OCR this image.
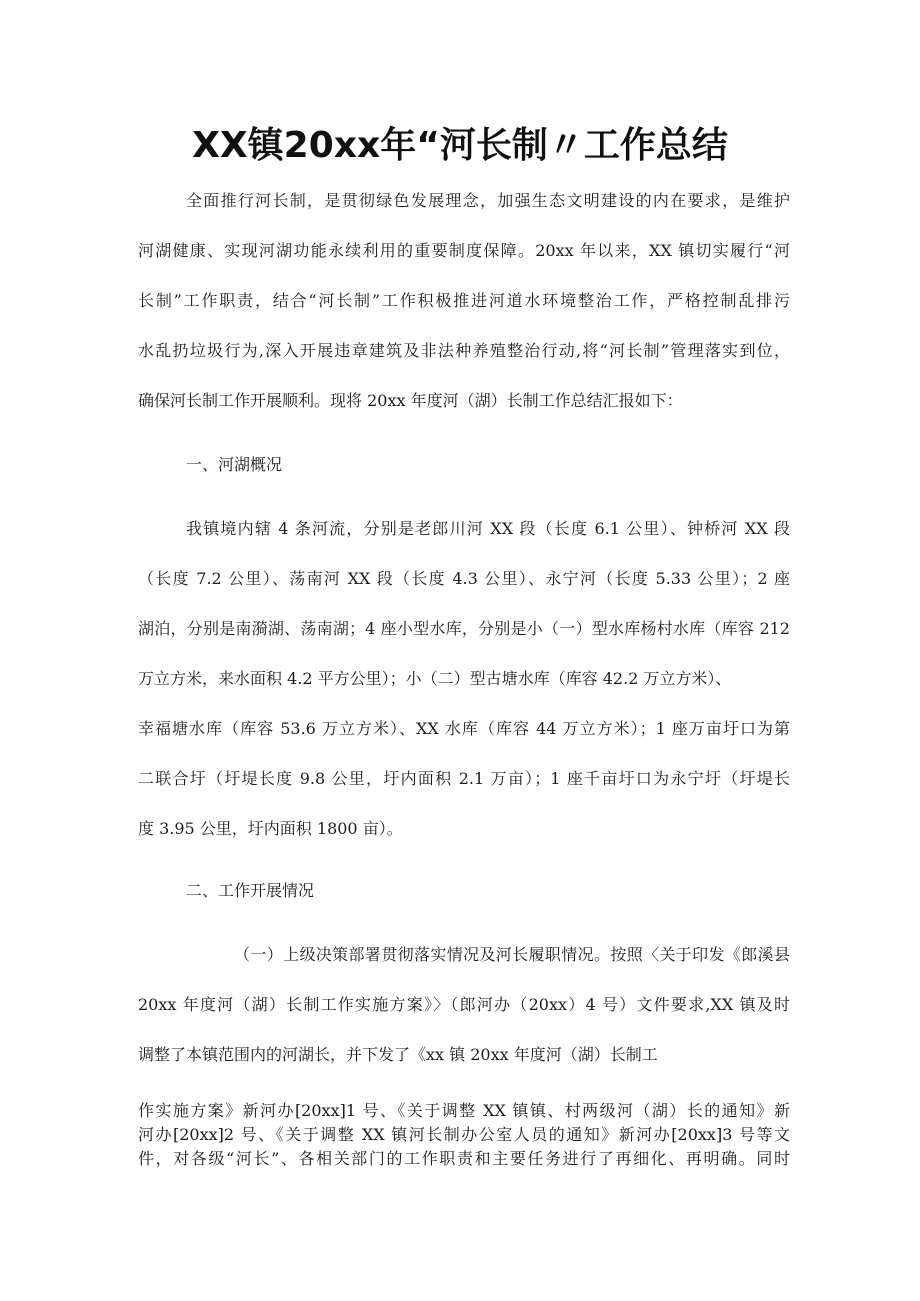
XX镇20xx年“河长制〃工作总结
全面推行河长制，是贯彻绿色发展理念，加强生态文明建设的内在要求，是维护
河湖健康、实现河湖功能永续利用的重要制度保障。20xx 年以来，XX 镇切实履行“河
长制”工作职责，结合“河长制”工作积极推进河道水环境整治工作，严格控制乱排污
水乱扔垃圾行为,深入开展违章建筑及非法种养殖整治行动,将“河长制”管理落实到位，
确保河长制工作开展顺利。现将 20xx 年度河（湖）长制工作总结汇报如下：
一、河湖概况
我镇境内辖 4 条河流，分别是老郎川河 XX 段（长度 6.1 公里）、钟桥河 XX 段
（长度 7.2 公里）、荡南河 XX 段（长度 4.3 公里）、永宁河（长度 5.33 公里）；2 座
湖泊，分别是南漪湖、荡南湖；4 座小型水库，分别是小（一）型水库杨村水库（库容 212
万立方米，来水面积 4.2 平方公里）；小（二）型古塘水库（库容 42.2 万立方米）、
幸福塘水库（库容 53.6 万立方米）、XX 水库（库容 44 万立方米）；1 座万亩圩口为第
二联合圩（圩堤长度 9.8 公里，圩内面积 2.1 万亩）；1 座千亩圩口为永宁圩（圩堤长
度 3.95 公里，圩内面积 1800 亩）。
二、工作开展情况
（一）上级决策部署贯彻落实情况及河长履职情况。按照〈关于印发《郎溪县
20xx 年度河（湖）长制工作实施方案》〉（郎河办（20xx）4 号）文件要求,XX 镇及时
调整了本镇范围内的河湖长，并下发了《xx 镇 20xx 年度河（湖）长制工
作实施方案》新河办[20xx]1 号、《关于调整 XX 镇镇、村两级河（湖）长的通知》新
河办[20xx]2 号、《关于调整 XX 镇河长制办公室人员的通知》新河办[20xx]3 号等文
件，对各级“河长”、各相关部门的工作职责和主要任务进行了再细化、再明确。同时
